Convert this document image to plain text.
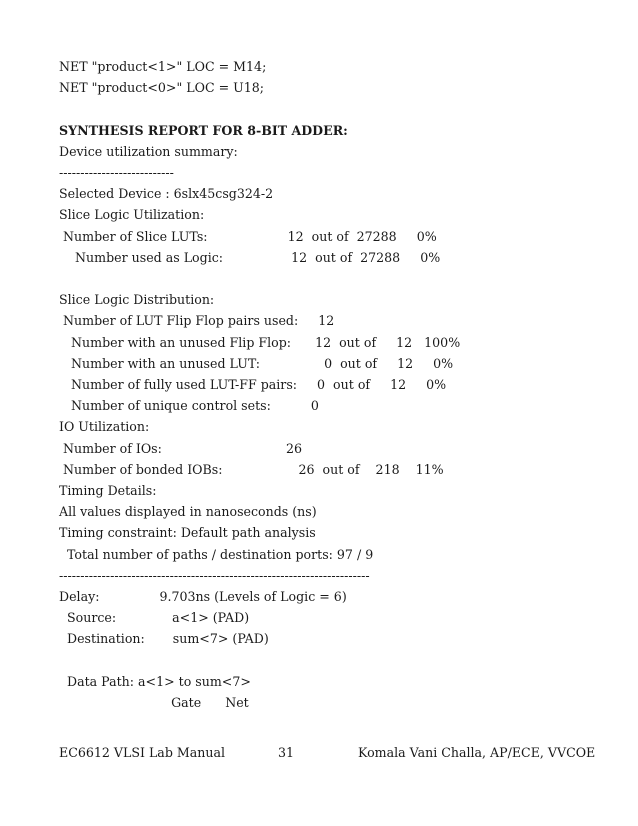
NET "product<1>" LOC = M14;
NET "product<0>" LOC = U18;
SYNTHESIS REPORT FOR 8-BIT ADDER:
Device utilization summary:
---------------------------
Selected Device : 6slx45csg324-2
Slice Logic Utilization:
Number of Slice LUTs:                    12  out of  27288     0%
Number used as Logic:                 12  out of  27288     0%
Slice Logic Distribution:
Number of LUT Flip Flop pairs used:     12
Number with an unused Flip Flop:      12  out of     12   100%
Number with an unused LUT:                0  out of     12     0%
Number of fully used LUT-FF pairs:     0  out of     12     0%
Number of unique control sets:          0
IO Utilization:
Number of IOs:                               26
Number of bonded IOBs:                   26  out of    218    11%
Timing Details:
All values displayed in nanoseconds (ns)
Timing constraint: Default path analysis
Total number of paths / destination ports: 97 / 9
-------------------------------------------------------------------------
Delay:               9.703ns (Levels of Logic = 6)
Source:              a<1> (PAD)
Destination:       sum<7> (PAD)
Data Path: a<1> to sum<7>
Gate      Net
EC6612 VLSI Lab Manual	31	Komala Vani Challa, AP/ECE, VVCOE
